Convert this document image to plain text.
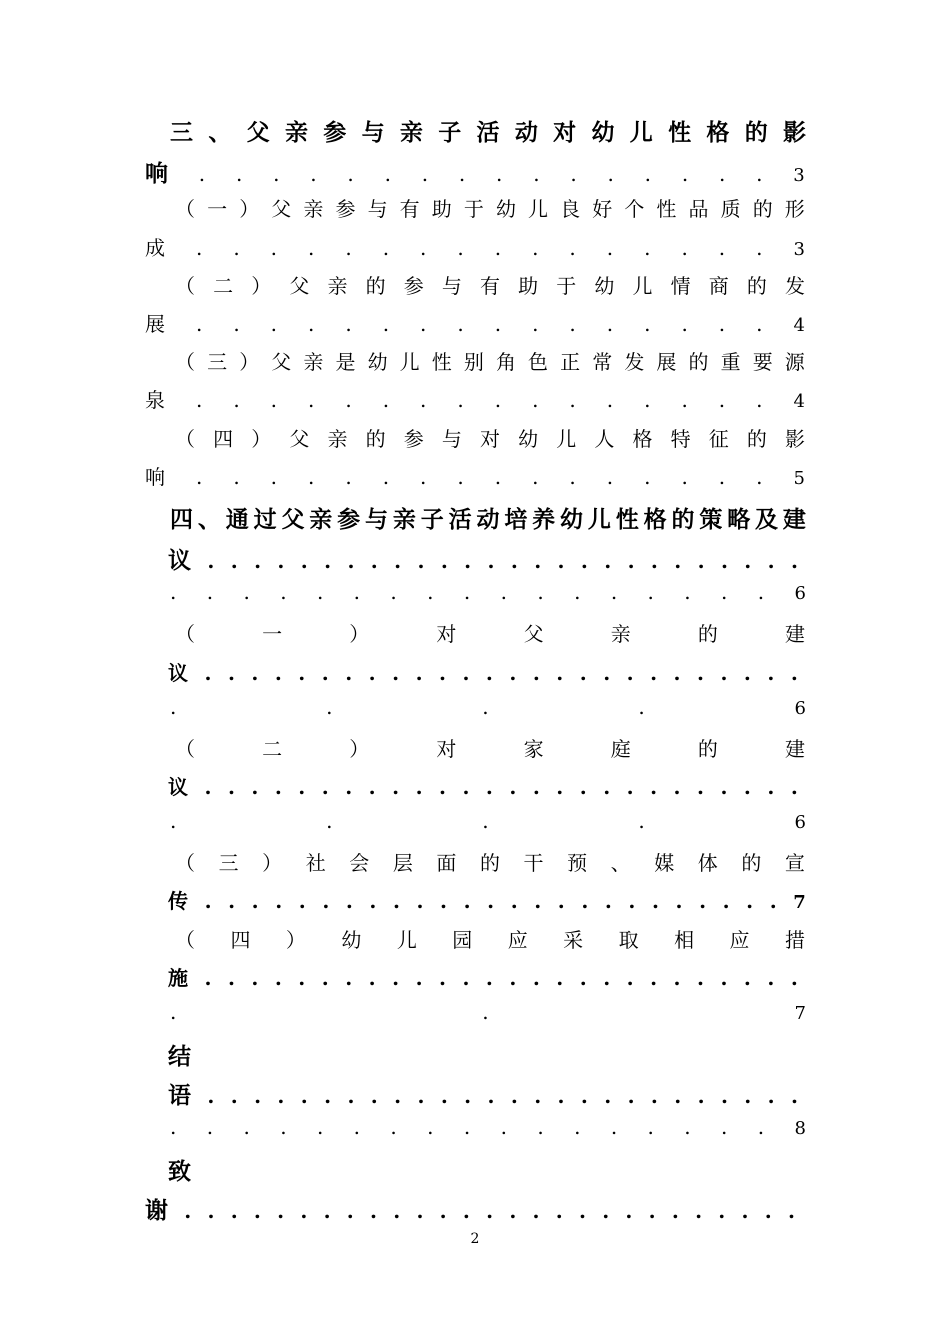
三 、 父 亲 参 与 亲 子 活 动 对 幼 儿 性 格 的 影
响 . . . . . . . . . . . . . . . . 3
（ 一 ） 父 亲 参 与 有 助 于 幼 儿 良 好 个 性 品 质 的 形
成 . . . . . . . . . . . . . . . . 3
（ 二 ） 父 亲 的 参 与 有 助 于 幼 儿 情 商 的 发
展 . . . . . . . . . . . . . . . . 4
（ 三 ） 父 亲 是 幼 儿 性 别 角 色 正 常 发 展 的 重 要 源
泉 . . . . . . . . . . . . . . . . 4
（ 四 ） 父 亲 的 参 与 对 幼 儿 人 格 特 征 的 影
响 . . . . . . . . . . . . . . . . 5
四 、 通 过 父 亲 参 与 亲 子 活 动 培 养 幼 儿 性 格 的 策 略 及 建
议 . . . . . . . . . . . . . . . . . . . . . . . . . .
. . . . . . . . . . . . . . . . . 6
（	一	）	对	父	亲	的	建
议 . . . . . . . . . . . . . . . . . . . . . . . . . .
.	.	.	.	6
（	二	）	对	家	庭	的	建
议 . . . . . . . . . . . . . . . . . . . . . . . . . .
.	.	.	.	6
（ 三 ） 社 会 层 面 的 干 预 、 媒 体 的 宣
传 . . . . . . . . . . . . . . . . . . . . . . . . . 7
（ 四 ） 幼 儿 园 应 采 取 相 应 措
施 . . . . . . . . . . . . . . . . . . . . . . . . . .
.	.	7
结
语 . . . . . . . . . . . . . . . . . . . . . . . . . .
. . . . . . . . . . . . . . . . . 8
致
谢 . . . . . . . . . . . . . . . . . . . . . . . . . . .
2
